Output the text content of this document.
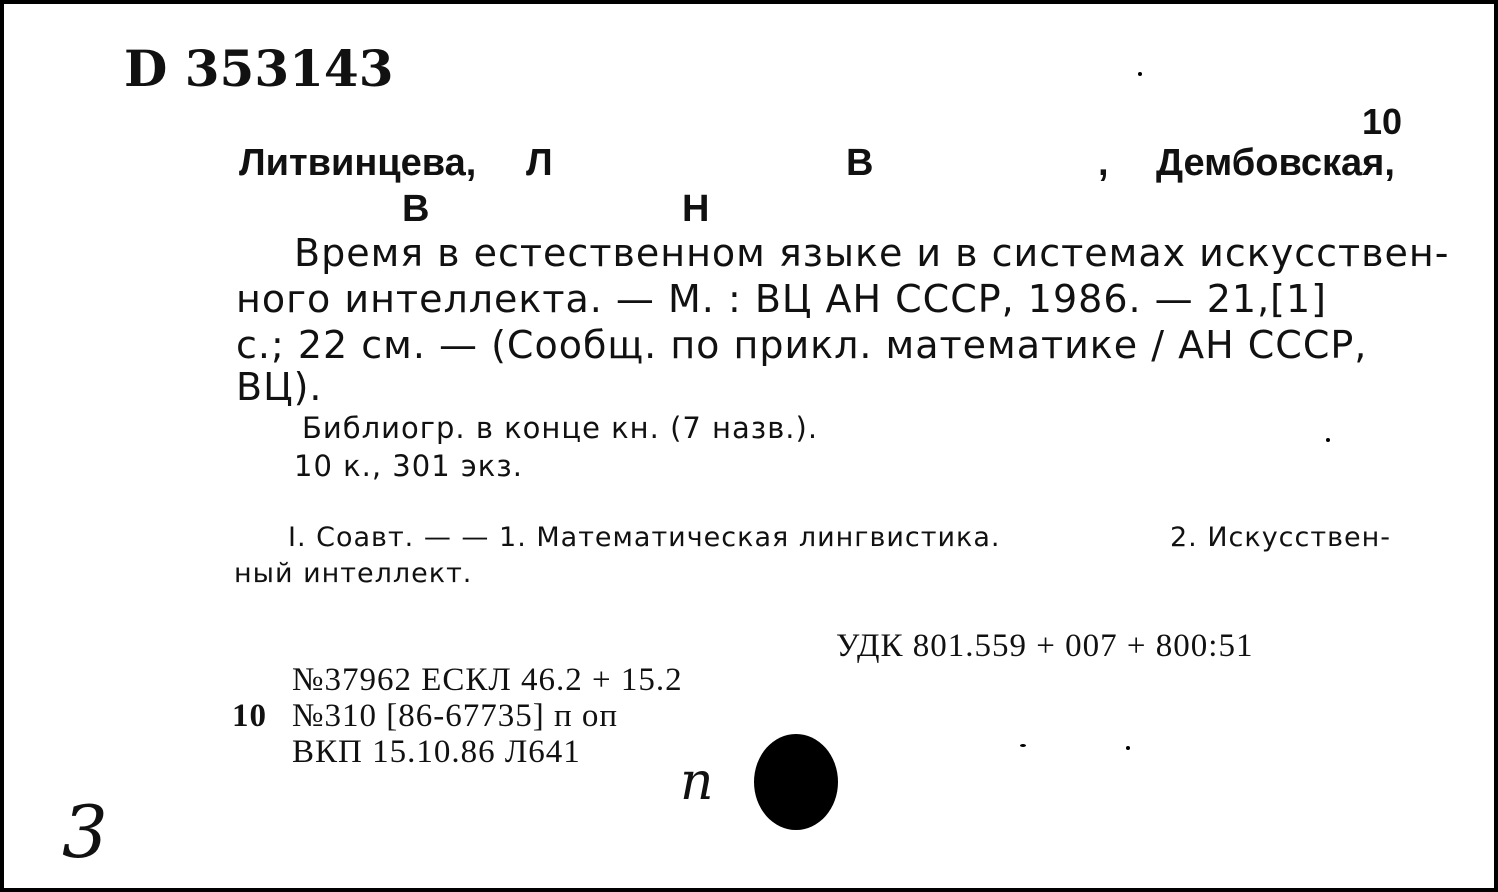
D 353143
10
Литвинцева, Л	В	, Дембовская,
В	Н
Время в естественном языке и в системах искусствен-
ного интеллекта. — М. : ВЦ АН СССР, 1986. — 21,[1]
с.; 22 см. — (Сообщ. по прикл. математике / АН СССР,
ВЦ).
Библиогр. в конце кн. (7 назв.).
10 к., 301 экз.
I. Соавт. — — 1. Математическая лингвистика.	2. Искусствен-
ный интеллект.
УДК 801.559 + 007 + 800:51
№37962 ЕСКЛ 46.2 + 15.2
10 №310 [86-67735] п оп
ВКП 15.10.86 Л641 n
3
